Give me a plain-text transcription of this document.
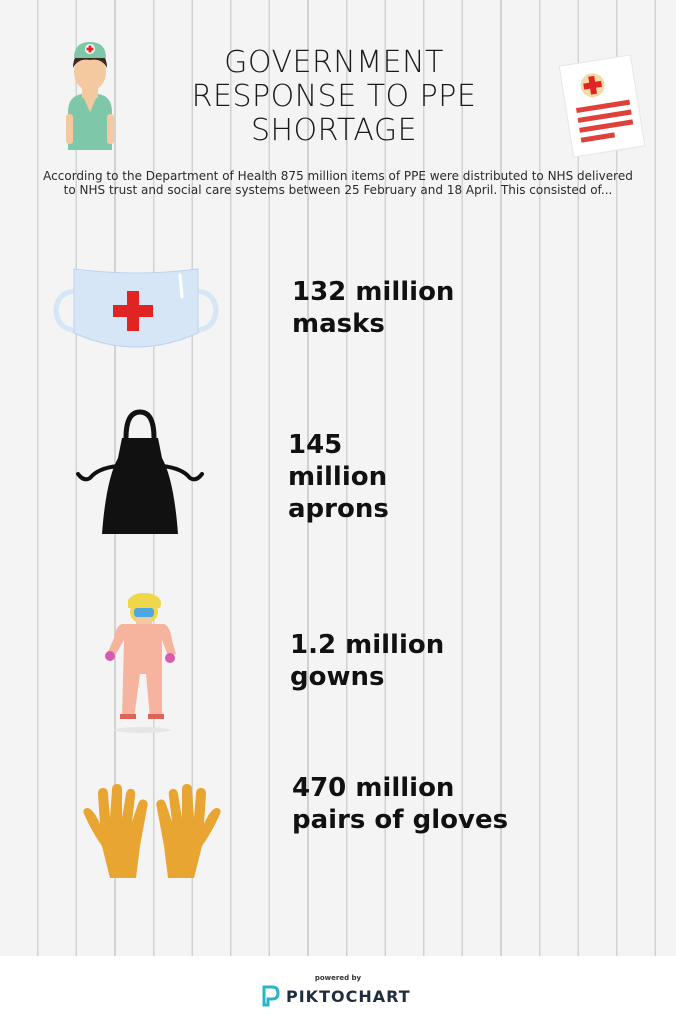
GOVERNMENT
RESPONSE TO PPE
SHORTAGE

According to the Department of Health 875 million items of PPE were distributed to NHS delivered to NHS trust and social care systems between 25 February and 18 April. This consisted of...

132 million
masks
145
million
aprons
1.2 million
gowns
470 million
pairs of gloves
powered by
PIKTOCHART
